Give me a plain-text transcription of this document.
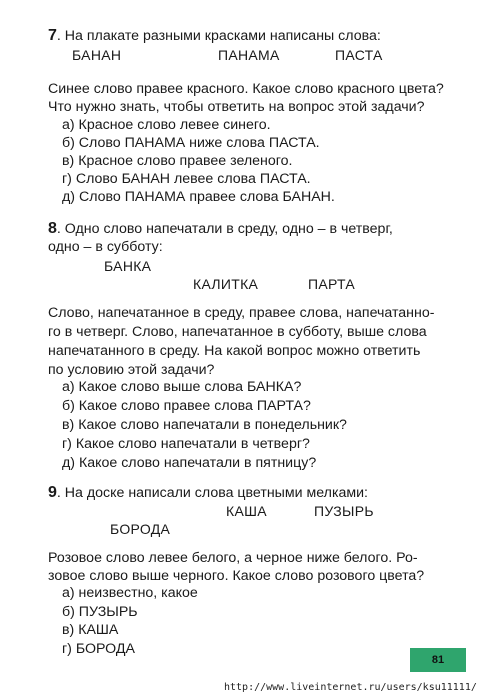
7. На плакате разными красками написаны слова:
БАНАН	ПАНАМА	ПАСТА
Синее слово правее красного. Какое слово красного цвета?
Что нужно знать, чтобы ответить на вопрос этой задачи?
а) Красное слово левее синего.
б) Слово ПАНАМА ниже слова ПАСТА.
в) Красное слово правее зеленого.
г) Слово БАНАН левее слова ПАСТА.
д) Слово ПАНАМА правее слова БАНАН.
8. Одно слово напечатали в среду, одно – в четверг,
одно – в субботу:
БАНКА
КАЛИТКА	ПАРТА
Слово, напечатанное в среду, правее слова, напечатанно-
го в четверг. Слово, напечатанное в субботу, выше слова
напечатанного в среду. На какой вопрос можно ответить
по условию этой задачи?
а) Какое слово выше слова БАНКА?
б) Какое слово правее слова ПАРТА?
в) Какое слово напечатали в понедельник?
г) Какое слово напечатали в четверг?
д) Какое слово напечатали в пятницу?
9. На доске написали слова цветными мелками:
КАША	ПУЗЫРЬ
БОРОДА
Розовое слово левее белого, а черное ниже белого. Ро-
зовое слово выше черного. Какое слово розового цвета?
а) неизвестно, какое
б) ПУЗЫРЬ
в) КАША
г) БОРОДА
81
http://www.liveinternet.ru/users/ksu11111/
